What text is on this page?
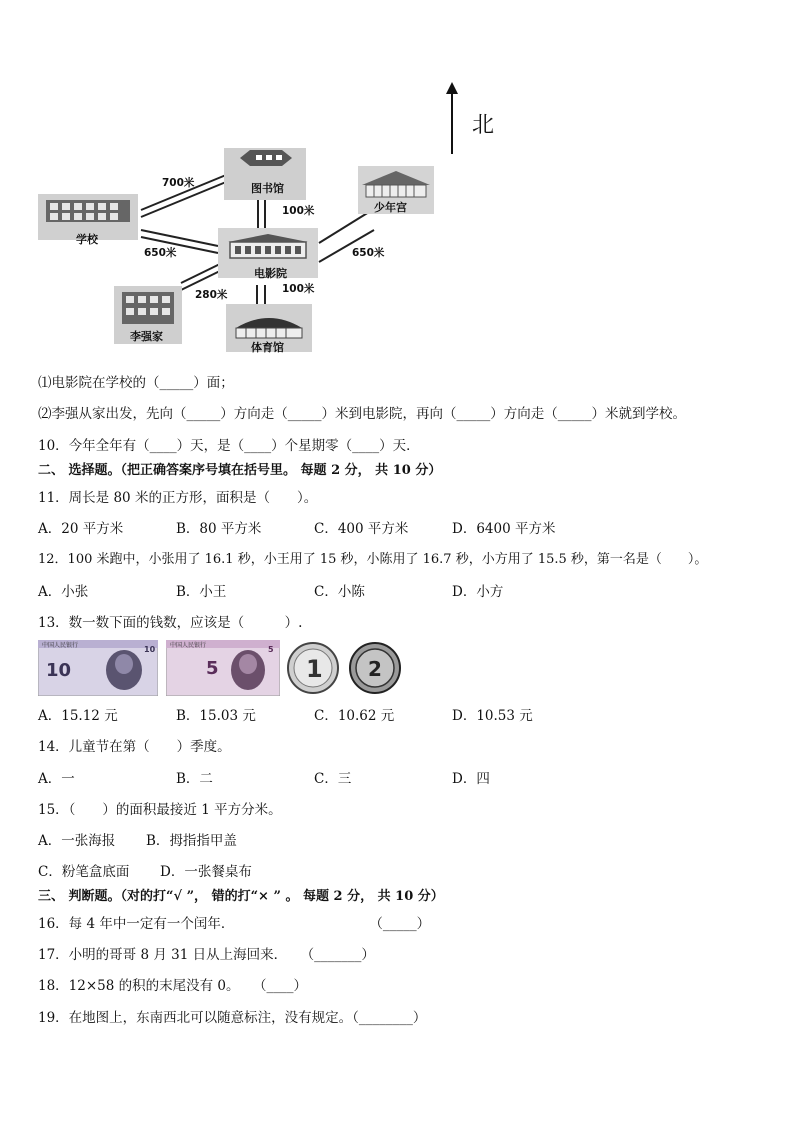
北
图书馆
少年宫
学校
电影院
李强家
体育馆
700米
100米
650米	650米
280米	100米
⑴电影院在学校的（_____）面；
⑵李强从家出发，先向（_____）方向走（_____）米到电影院，再向（_____）方向走（_____）米就到学校。
10．今年全年有（____）天，是（____）个星期零（____）天．
二、 选择题。（把正确答案序号填在括号里。 每题 2 分， 共 10 分）
11．周长是 80 米的正方形，面积是（　　）。
A．20 平方米	B．80 平方米	C．400 平方米	D．6400 平方米
12．100 米跑中，小张用了 16.1 秒，小王用了 15 秒，小陈用了 16.7 秒，小方用了 15.5 秒，第一名是（　　）。
A．小张	B．小王	C．小陈	D．小方
13．数一数下面的钱数，应该是（　　　）.
中国人民银行
10
10 中国人民银行
5
5
1 2
A．15.12 元	B．15.03 元	C．10.62 元	D．10.53 元
14．儿童节在第（　　）季度。
A．一	B．二	C．三	D．四
15．（　　）的面积最接近 1 平方分米。
A．一张海报 B．拇指指甲盖
C．粉笔盒底面 D．一张餐桌布
三、 判断题。（对的打“√ ”， 错的打“× ” 。 每题 2 分， 共 10 分）
16．每 4 年中一定有一个闰年．　　　　　　　　　　　（_____）
17．小明的哥哥 8 月 31 日从上海回来．　　（_______）
18．12×58 的积的末尾没有 0。　　（____）
19．在地图上，东南西北可以随意标注，没有规定。（________）
